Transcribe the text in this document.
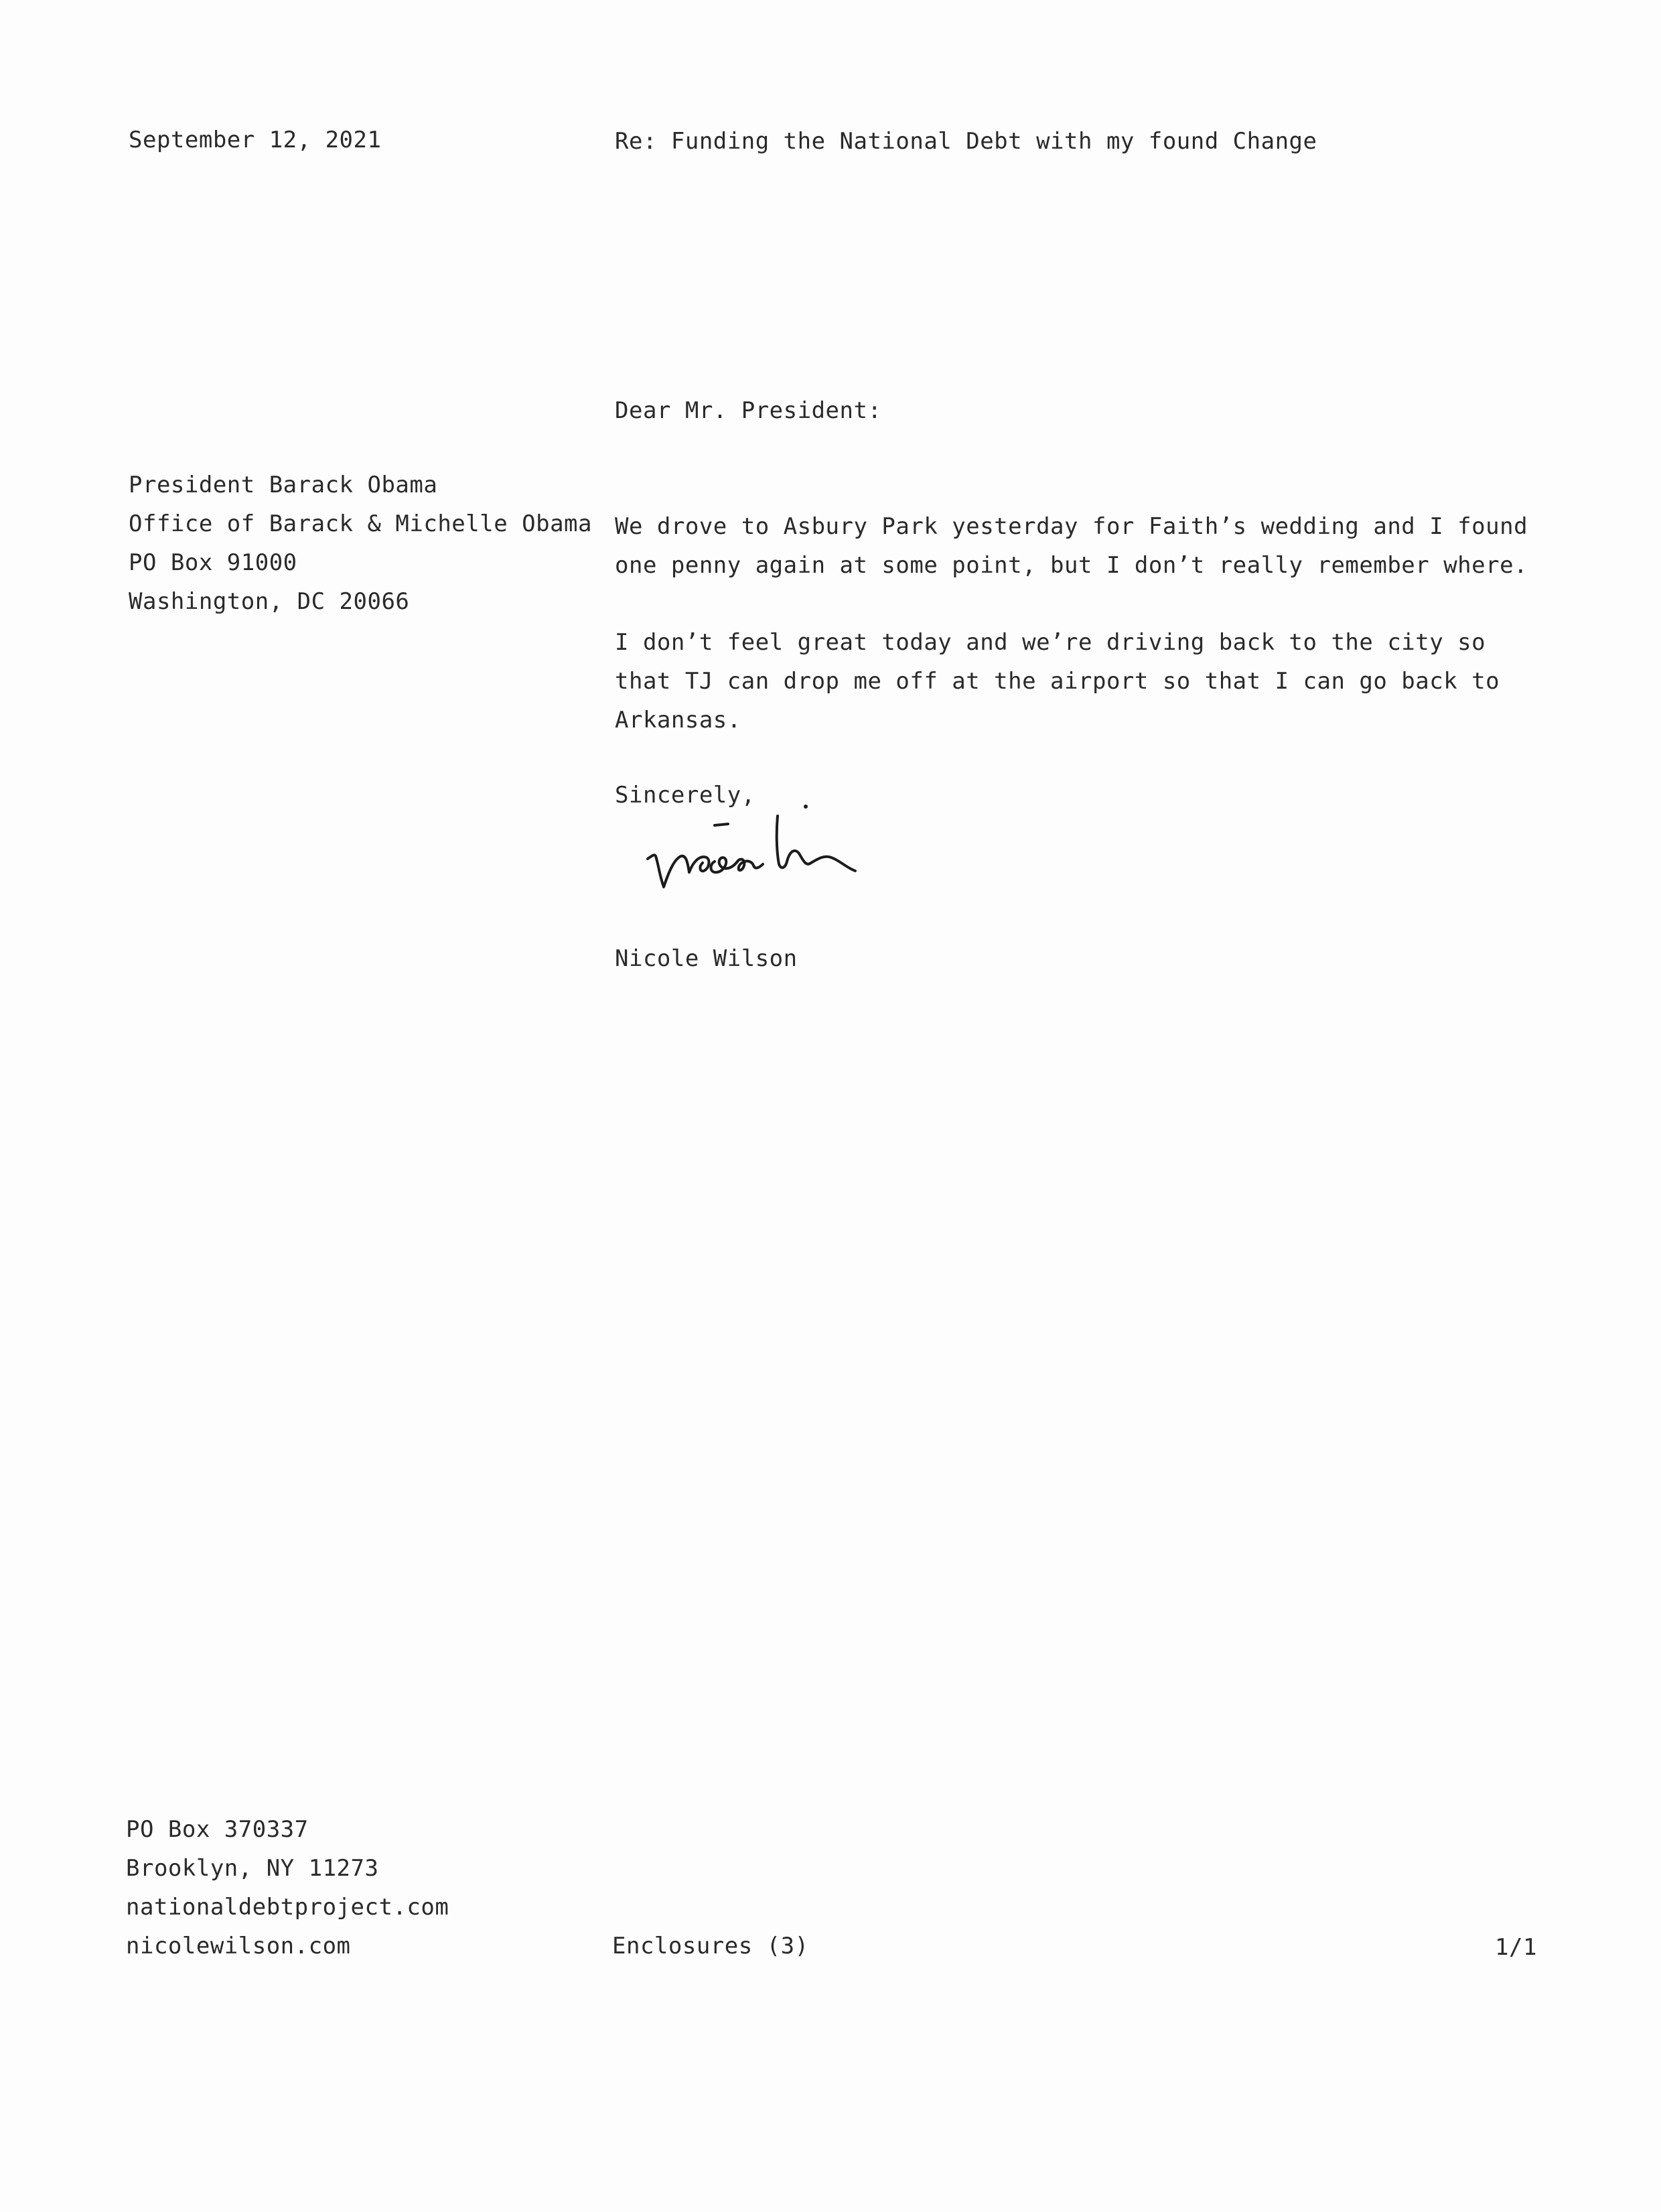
September 12, 2021	Re: Funding the National Debt with my found Change
Dear Mr. President:
President Barack Obama
Office of Barack & Michelle Obama
PO Box 91000
Washington, DC 20066
We drove to Asbury Park yesterday for Faith’s wedding and I found
one penny again at some point, but I don’t really remember where.
I don’t feel great today and we’re driving back to the city so
that TJ can drop me off at the airport so that I can go back to
Arkansas.
Sincerely,
Nicole Wilson
PO Box 370337
Brooklyn, NY 11273
nationaldebtproject.com
nicolewilson.com	Enclosures (3)	1/1
